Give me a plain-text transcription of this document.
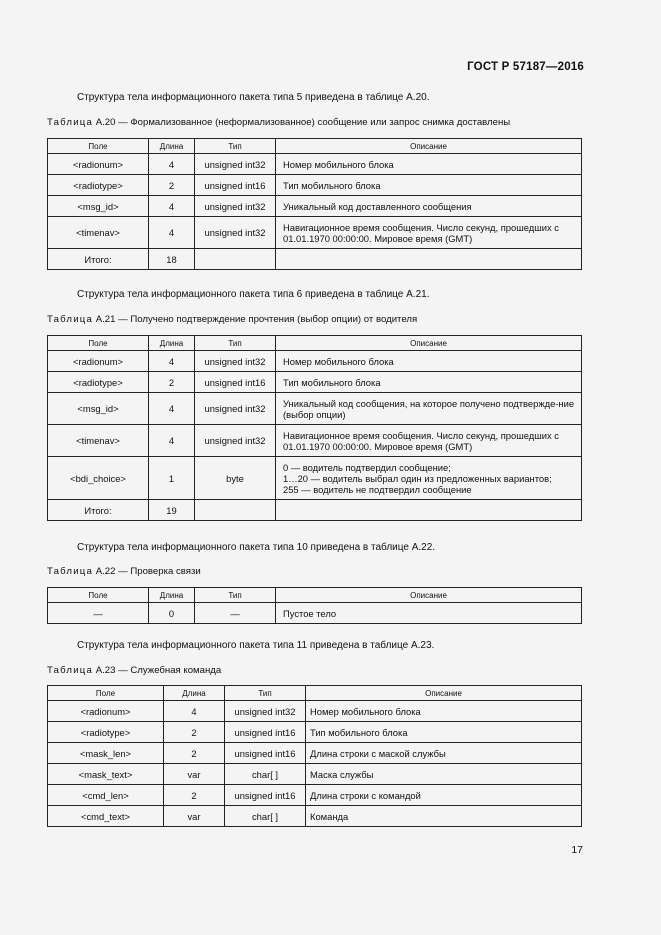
ГОСТ Р 57187—2016
Структура тела информационного пакета типа 5 приведена в таблице А.20.
Таблица А.20 — Формализованное (неформализованное) сообщение или запрос снимка доставлены
Поле	Длина	Тип	Описание
<radionum>	4	unsigned int32	Номер мобильного блока
<radiotype>	2	unsigned int16	Тип мобильного блока
<msg_id>	4	unsigned int32	Уникальный код доставленного сообщения
<timenav>	4	unsigned int32	Навигационное время сообщения. Число секунд, прошедших с 01.01.1970 00:00:00. Мировое время (GMT)
Итого:	18		
Структура тела информационного пакета типа 6 приведена в таблице А.21.
Таблица А.21 — Получено подтверждение прочтения (выбор опции) от водителя
Поле	Длина	Тип	Описание
<radionum>	4	unsigned int32	Номер мобильного блока
<radiotype>	2	unsigned int16	Тип мобильного блока
<msg_id>	4	unsigned int32	Уникальный код сообщения, на которое получено подтвержде-ние (выбор опции)
<timenav>	4	unsigned int32	Навигационное время сообщения. Число секунд, прошедших с 01.01.1970 00:00:00. Мировое время (GMT)
<bdi_choice>	1	byte	0 — водитель подтвердил сообщение;
1…20 — водитель выбрал один из предложенных вариантов;
255 — водитель не подтвердил сообщение
Итого:	19		
Структура тела информационного пакета типа 10 приведена в таблице А.22.
Таблица А.22 — Проверка связи
Поле	Длина	Тип	Описание
—	0	—	Пустое тело
Структура тела информационного пакета типа 11 приведена в таблице А.23.
Таблица А.23 — Служебная команда
Поле	Длина	Тип	Описание
<radionum>	4	unsigned int32	Номер мобильного блока
<radiotype>	2	unsigned int16	Тип мобильного блока
<mask_len>	2	unsigned int16	Длина строки с маской службы
<mask_text>	var	char[ ]	Маска службы
<cmd_len>	2	unsigned int16	Длина строки с командой
<cmd_text>	var	char[ ]	Команда
17
